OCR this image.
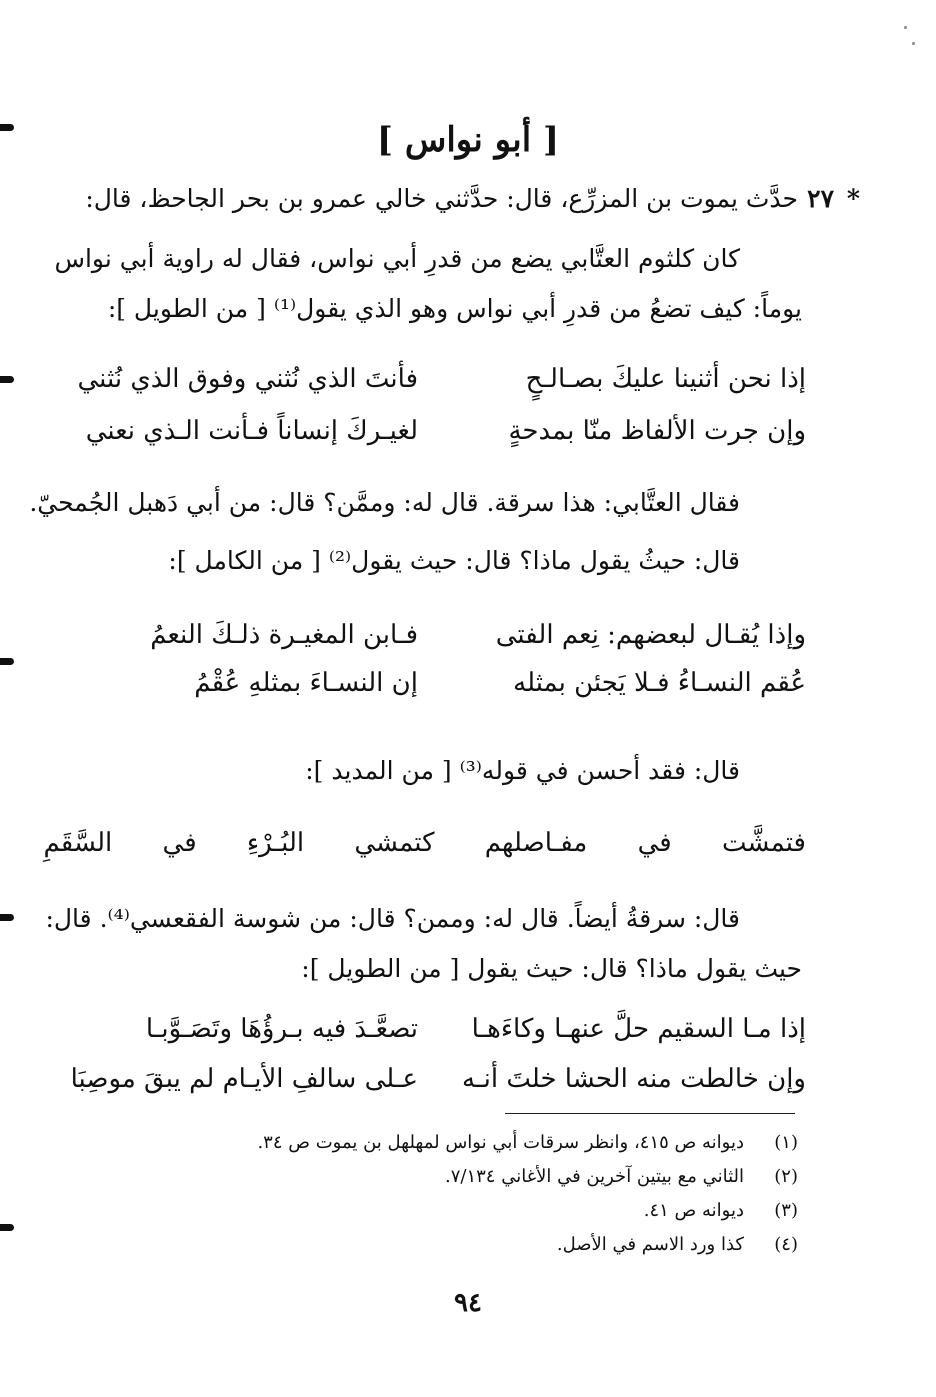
[ أبو نواس ]
حدَّث يموت بن المزرِّع، قال: حدَّثني خالي عمرو بن بحر الجاحظ، قال: ٢٧ *
كان كلثوم العتَّابي يضع من قدرِ أبي نواس، فقال له راوية أبي نواس
يوماً: كيف تضعُ من قدرِ أبي نواس وهو الذي يقول⁽¹⁾ [ من الطويل ]:
إذا نحن أثنينا عليكَ بصـالـحٍ
فأنتَ الذي نُثني وفوق الذي نُثني
وإن جرت الألفاظ منّا بمدحةٍ
لغيـركَ إنساناً فـأنت الـذي نعني
فقال العتَّابي: هذا سرقة. قال له: وممَّن؟ قال: من أبي دَهبل الجُمحيّ.
قال: حيثُ يقول ماذا؟ قال: حيث يقول⁽²⁾ [ من الكامل ]:
وإذا يُقـال لبعضهم: نِعم الفتى
فـابن المغيـرة ذلـكَ النعمُ
عُقم النسـاءُ فـلا يَجئن بمثله
إن النسـاءَ بمثلهِ عُقْمُ
قال: فقد أحسن في قوله⁽³⁾ [ من المديد ]:
فتمشَّت في مفـاصلهم كتمشي البُـرْءِ في السَّقَمِ
قال: سرقةُ أيضاً. قال له: وممن؟ قال: من شوسة الفقعسي⁽⁴⁾. قال:
حيث يقول ماذا؟ قال: حيث يقول [ من الطويل ]:
إذا مـا السقيم حلَّ عنهـا وكاءَهـا
تصعَّـدَ فيه بـرؤُهَا وتَصَـوَّبـا
وإن خالطت منه الحشا خلتَ أنـه
عـلى سالفِ الأيـام لم يبقَ موصِبَا
(١)
ديوانه ص ٤١٥، وانظر سرقات أبي نواس لمهلهل بن يموت ص ٣٤.
(٢)
الثاني مع بيتين آخرين في الأغاني ٧/١٣٤.
(٣)
ديوانه ص ٤١.
(٤)
كذا ورد الاسم في الأصل.
٩٤
